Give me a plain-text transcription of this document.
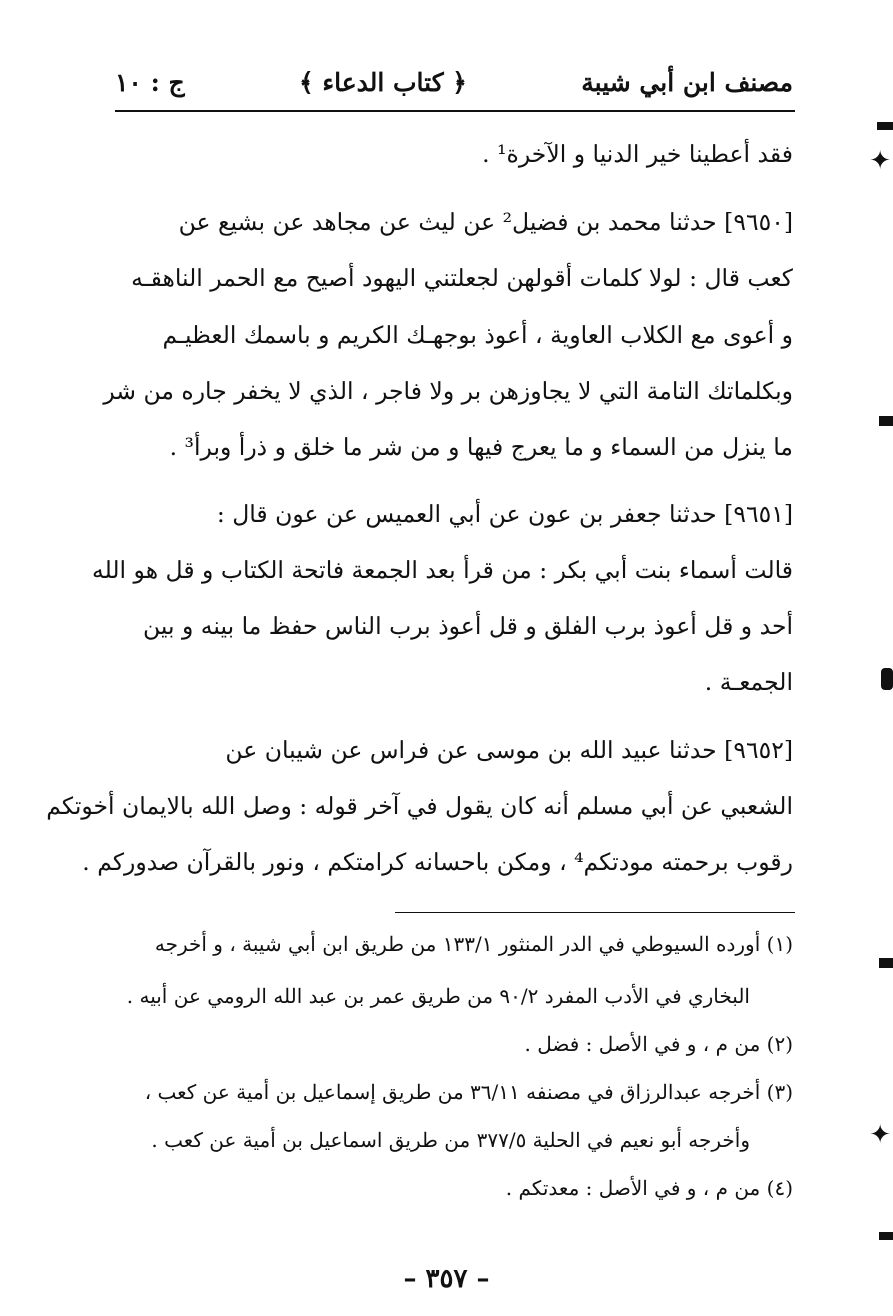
مصنف ابن أبي شيبة
﴿ كتاب الدعاء ﴾
ج : ١٠
فقد أعطينا خير الدنيا و الآخرة¹ .
[٩٦٥٠] حدثنا محمد بن فضيل² عن ليث عن مجاهد عن بشيع عن
كعب قال : لولا كلمات أقولهن لجعلتني اليهود أصيح مع الحمر الناهقـه
و أعوى مع الكلاب العاوية ، أعوذ بوجهـك الكريم و باسمك العظيـم
وبكلماتك التامة التي لا يجاوزهن بر ولا فاجر ، الذي لا يخفر جاره من شر
ما ينزل من السماء و ما يعرج فيها و من شر ما خلق و ذرأ وبرأ³ .
[٩٦٥١] حدثنا جعفر بن عون عن أبي العميس عن عون قال :
قالت أسماء بنت أبي بكر : من قرأ بعد الجمعة فاتحة الكتاب و قل هو الله
أحد و قل أعوذ برب الفلق و قل أعوذ برب الناس حفظ ما بينه و بين
الجمعـة .
[٩٦٥٢] حدثنا عبيد الله بن موسى عن فراس عن شيبان عن
الشعبي عن أبي مسلم أنه كان يقول في آخر قوله : وصل الله بالايمان أخوتكم
رقوب برحمته مودتكم⁴ ، ومكن باحسانه كرامتكم ، ونور بالقرآن صدوركم .
(١) أورده السيوطي في الدر المنثور ١٣٣/١ من طريق ابن أبي شيبة ، و أخرجه
البخاري في الأدب المفرد ٩٠/٢ من طريق عمر بن عبد الله الرومي عن أبيه .
(٢) من م ، و في الأصل : فضل .
(٣) أخرجه عبدالرزاق في مصنفه ٣٦/١١ من طريق إسماعيل بن أمية عن كعب ،
وأخرجه أبو نعيم في الحلية ٣٧٧/٥ من طريق اسماعيل بن أمية عن كعب .
(٤) من م ، و في الأصل : معدتكم .
– ٣٥٧ –
✦
✦
